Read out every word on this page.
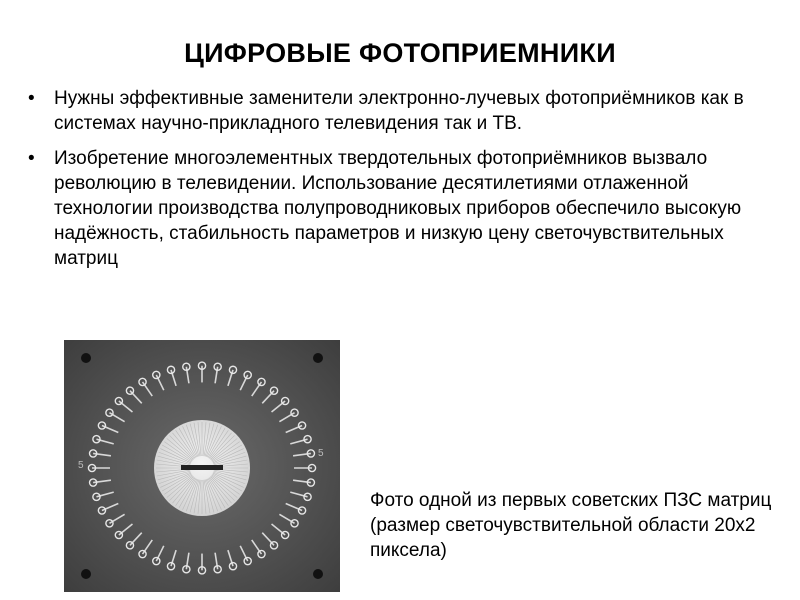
ЦИФРОВЫЕ ФОТОПРИЕМНИКИ
• Нужны эффективные заменители электронно-лучевых фотоприёмников как в системах научно-прикладного телевидения так и ТВ.
• Изобретение многоэлементных твердотельных фотоприёмников вызвало революцию в телевидении. Использование десятилетиями отлаженной технологии производства полупроводниковых приборов обеспечило высокую надёжность, стабильность параметров и низкую цену светочувствительных матриц
5
5
Фото одной из первых советских ПЗС матриц (размер светочувствительной области 20х2 пиксела)
